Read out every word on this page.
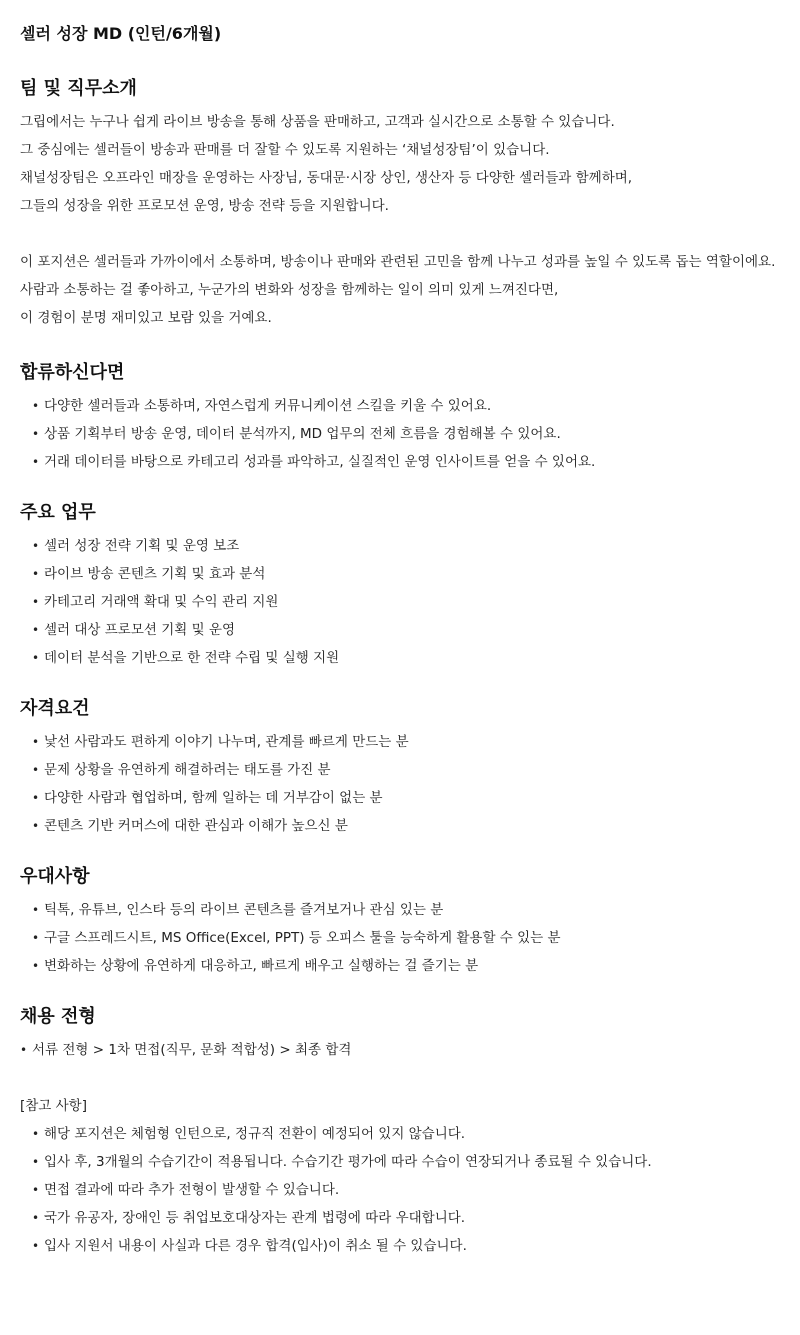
셀러 성장 MD (인턴/6개월)
팀 및 직무소개

그립에서는 누구나 쉽게 라이브 방송을 통해 상품을 판매하고, 고객과 실시간으로 소통할 수 있습니다.

그 중심에는 셀러들이 방송과 판매를 더 잘할 수 있도록 지원하는 ‘채널성장팀’이 있습니다.

채널성장팀은 오프라인 매장을 운영하는 사장님, 동대문·시장 상인, 생산자 등 다양한 셀러들과 함께하며,

그들의 성장을 위한 프로모션 운영, 방송 전략 등을 지원합니다.

이 포지션은 셀러들과 가까이에서 소통하며, 방송이나 판매와 관련된 고민을 함께 나누고 성과를 높일 수 있도록 돕는 역할이에요.

사람과 소통하는 걸 좋아하고, 누군가의 변화와 성장을 함께하는 일이 의미 있게 느껴진다면,

이 경험이 분명 재미있고 보람 있을 거예요.

합류하신다면
• 다양한 셀러들과 소통하며, 자연스럽게 커뮤니케이션 스킬을 키울 수 있어요.
• 상품 기획부터 방송 운영, 데이터 분석까지, MD 업무의 전체 흐름을 경험해볼 수 있어요.
• 거래 데이터를 바탕으로 카테고리 성과를 파악하고, 실질적인 운영 인사이트를 얻을 수 있어요.
주요 업무
• 셀러 성장 전략 기획 및 운영 보조
• 라이브 방송 콘텐츠 기획 및 효과 분석
• 카테고리 거래액 확대 및 수익 관리 지원
• 셀러 대상 프로모션 기획 및 운영
• 데이터 분석을 기반으로 한 전략 수립 및 실행 지원
자격요건
• 낯선 사람과도 편하게 이야기 나누며, 관계를 빠르게 만드는 분
• 문제 상황을 유연하게 해결하려는 태도를 가진 분
• 다양한 사람과 협업하며, 함께 일하는 데 거부감이 없는 분
• 콘텐츠 기반 커머스에 대한 관심과 이해가 높으신 분
우대사항
• 틱톡, 유튜브, 인스타 등의 라이브 콘텐츠를 즐겨보거나 관심 있는 분
• 구글 스프레드시트, MS Office(Excel, PPT) 등 오피스 툴을 능숙하게 활용할 수 있는 분
• 변화하는 상황에 유연하게 대응하고, 빠르게 배우고 실행하는 걸 즐기는 분
채용 전형
• 서류 전형 > 1차 면접(직무, 문화 적합성) > 최종 합격

[참고 사항]

• 해당 포지션은 체험형 인턴으로, 정규직 전환이 예정되어 있지 않습니다.
• 입사 후, 3개월의 수습기간이 적용됩니다. 수습기간 평가에 따라 수습이 연장되거나 종료될 수 있습니다.
• 면접 결과에 따라 추가 전형이 발생할 수 있습니다.
• 국가 유공자, 장애인 등 취업보호대상자는 관계 법령에 따라 우대합니다.
• 입사 지원서 내용이 사실과 다른 경우 합격(입사)이 취소 될 수 있습니다.
